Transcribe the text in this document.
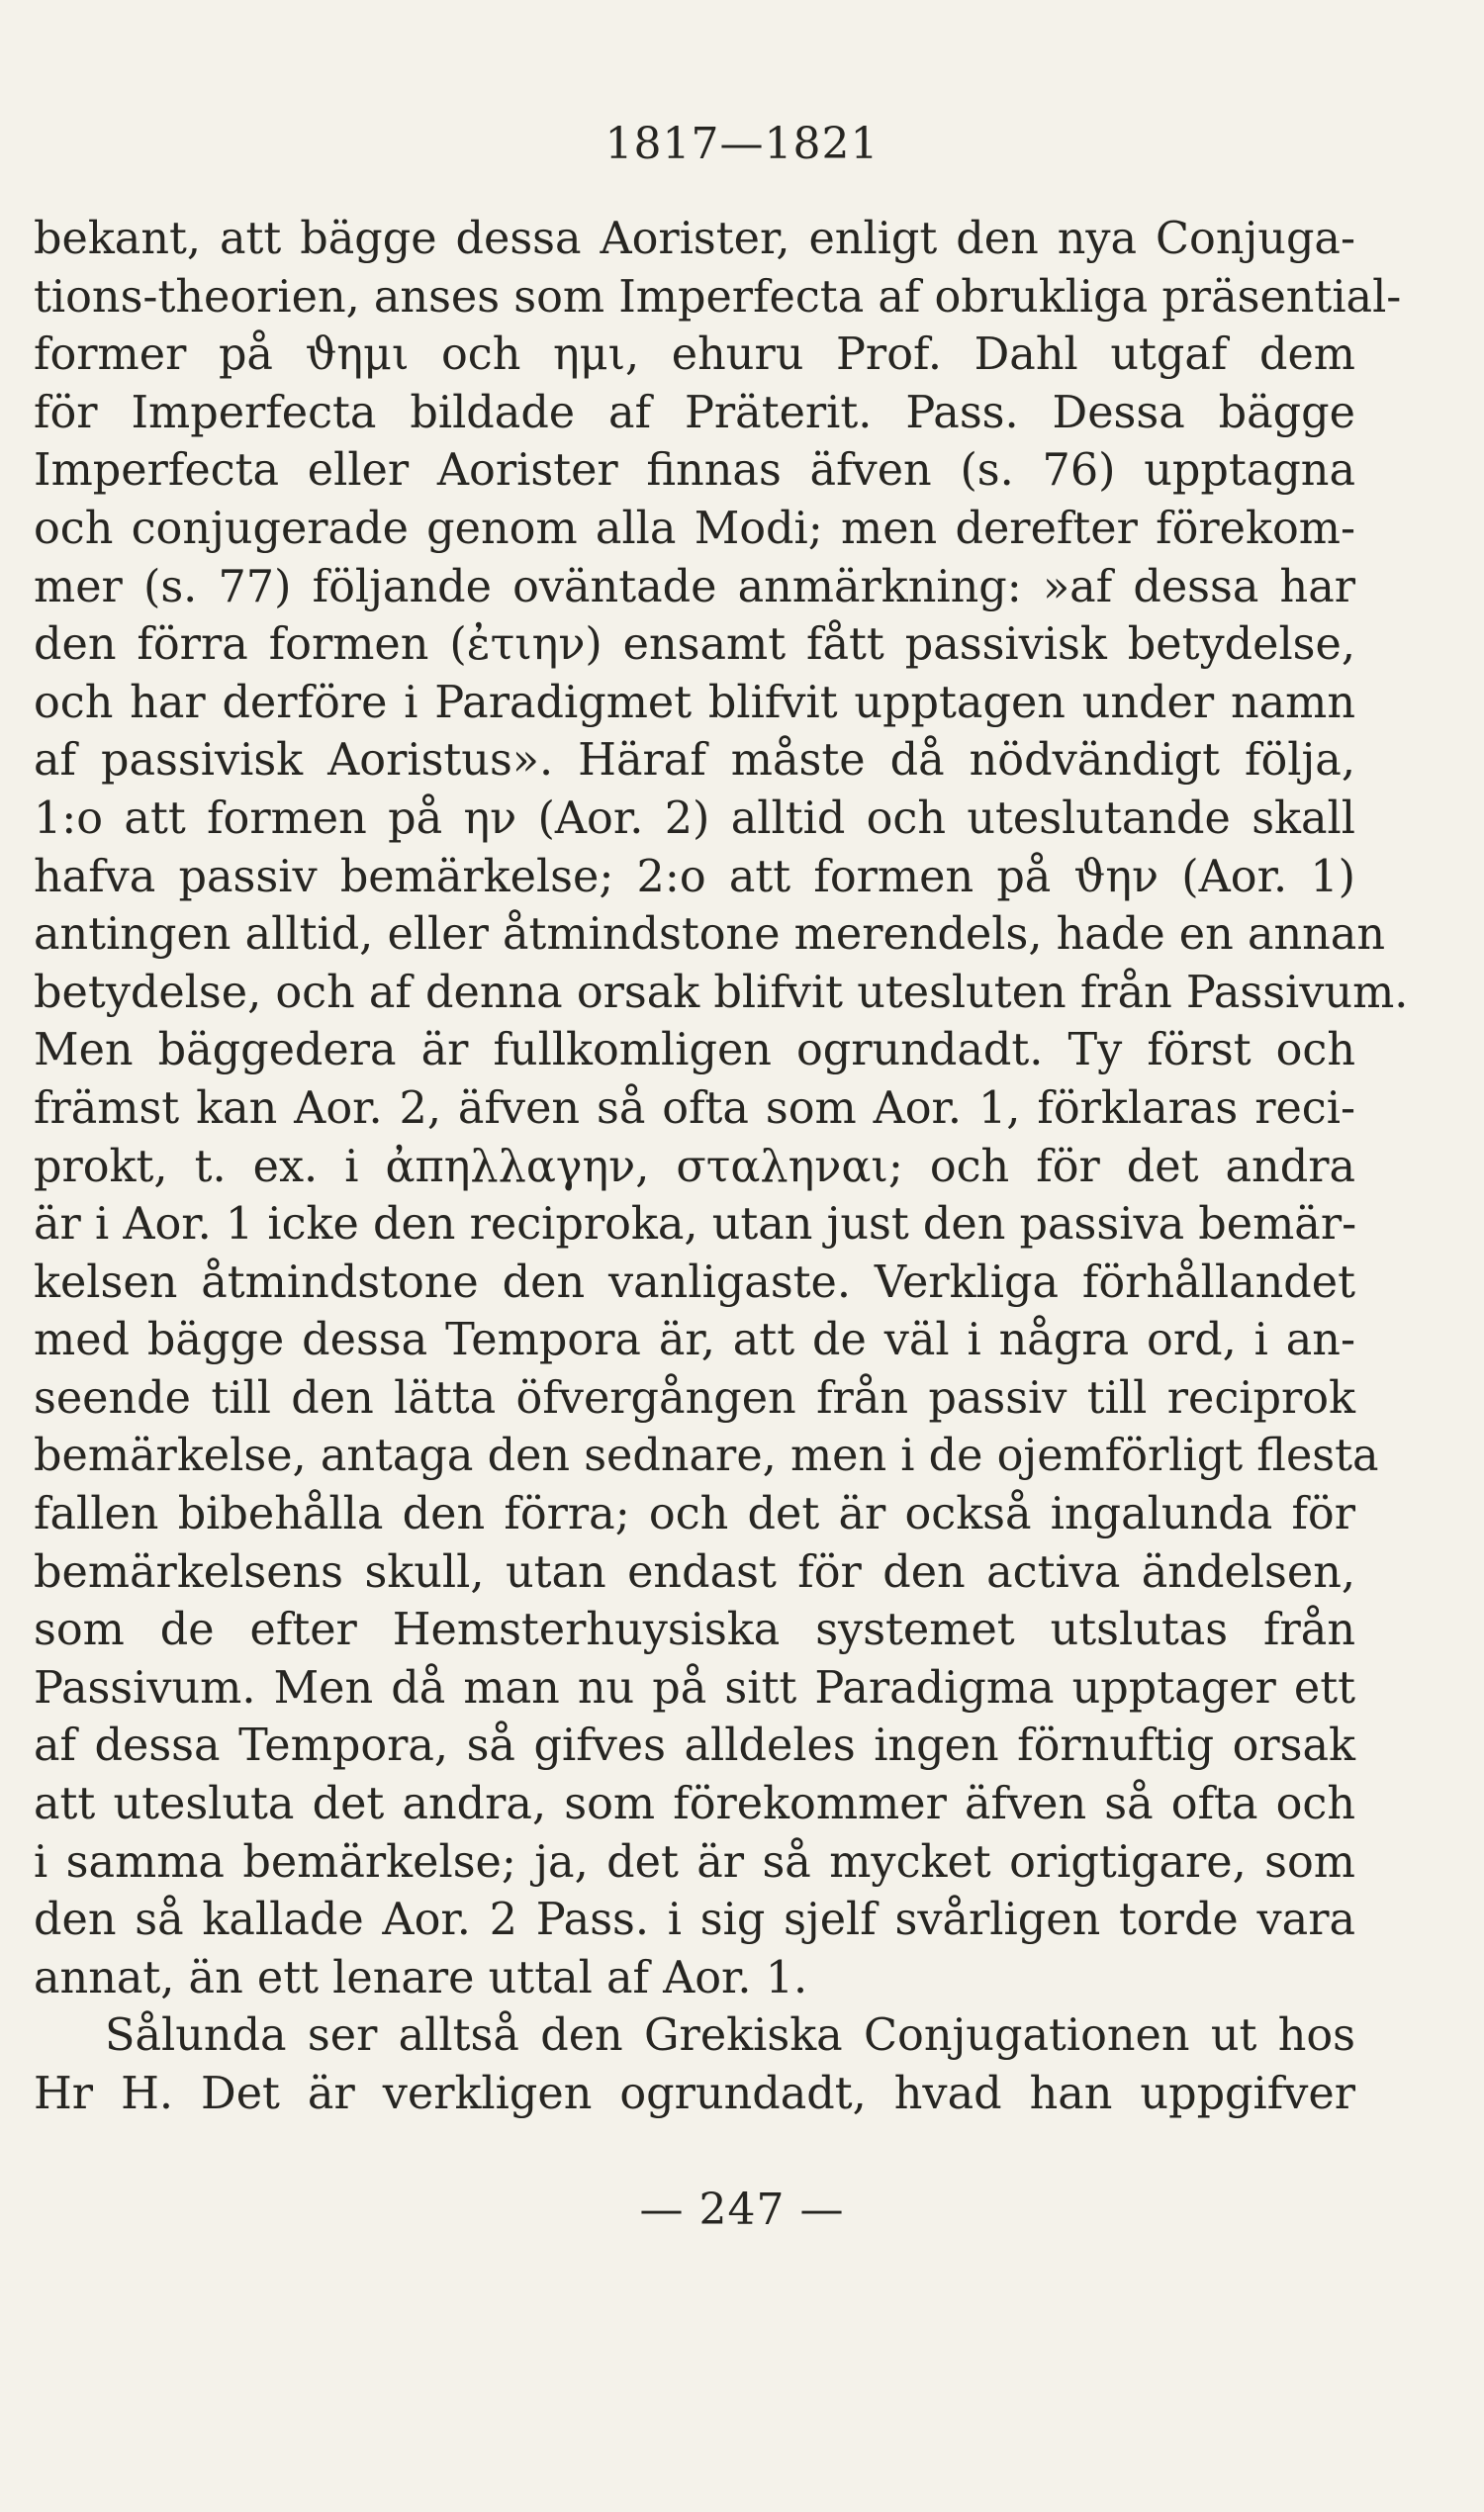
1817—1821
bekant, att bägge dessa Aorister, enligt den nya Conjuga-
tions-theorien, anses som Imperfecta af obrukliga präsential-
former på ϑημι och ημι, ehuru Prof. Dahl utgaf dem
för Imperfecta bildade af Präterit. Pass. Dessa bägge
Imperfecta eller Aorister finnas äfven (s. 76) upptagna
och conjugerade genom alla Modi; men derefter förekom-
mer (s. 77) följande oväntade anmärkning: »af dessa har
den förra formen (ἐτιην) ensamt fått passivisk betydelse,
och har derföre i Paradigmet blifvit upptagen under namn
af passivisk Aoristus». Häraf måste då nödvändigt följa,
1:o att formen på ην (Aor. 2) alltid och uteslutande skall
hafva passiv bemärkelse; 2:o att formen på ϑην (Aor. 1)
antingen alltid, eller åtmindstone merendels, hade en annan
betydelse, och af denna orsak blifvit utesluten från Passivum.
Men bäggedera är fullkomligen ogrundadt. Ty först och
främst kan Aor. 2, äfven så ofta som Aor. 1, förklaras reci-
prokt, t. ex. i ἀπηλλαγην, σταληναι; och för det andra
är i Aor. 1 icke den reciproka, utan just den passiva bemär-
kelsen åtmindstone den vanligaste. Verkliga förhållandet
med bägge dessa Tempora är, att de väl i några ord, i an-
seende till den lätta öfvergången från passiv till reciprok
bemärkelse, antaga den sednare, men i de ojemförligt flesta
fallen bibehålla den förra; och det är också ingalunda för
bemärkelsens skull, utan endast för den activa ändelsen,
som de efter Hemsterhuysiska systemet utslutas från
Passivum. Men då man nu på sitt Paradigma upptager ett
af dessa Tempora, så gifves alldeles ingen förnuftig orsak
att utesluta det andra, som förekommer äfven så ofta och
i samma bemärkelse; ja, det är så mycket origtigare, som
den så kallade Aor. 2 Pass. i sig sjelf svårligen torde vara
annat, än ett lenare uttal af Aor. 1.
Sålunda ser alltså den Grekiska Conjugationen ut hos
Hr H. Det är verkligen ogrundadt, hvad han uppgifver
— 247 —
